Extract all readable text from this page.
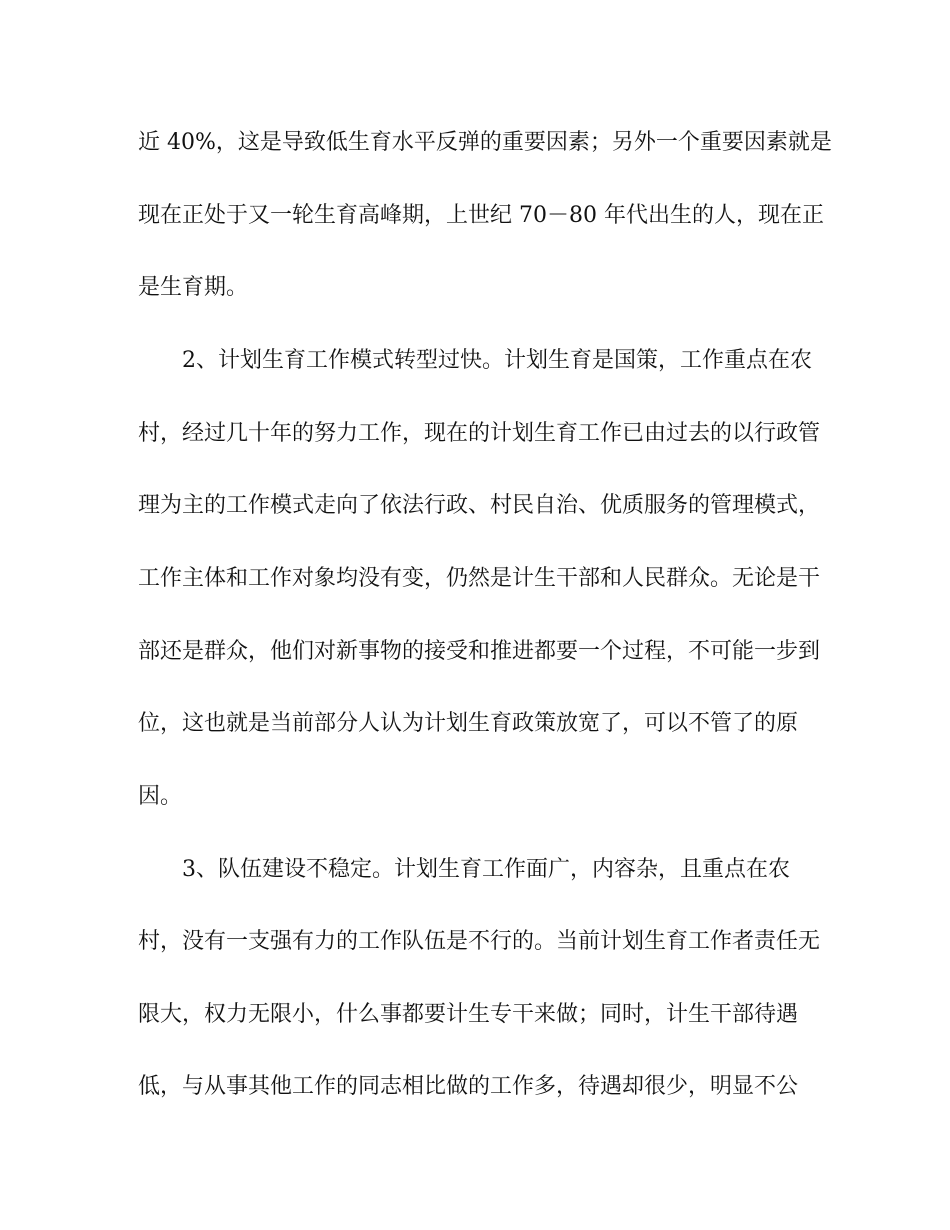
近 40%，这是导致低生育水平反弹的重要因素；另外一个重要因素就是
现在正处于又一轮生育高峰期，上世纪 70－80 年代出生的人，现在正
是生育期。
2、计划生育工作模式转型过快。计划生育是国策，工作重点在农
村，经过几十年的努力工作，现在的计划生育工作已由过去的以行政管
理为主的工作模式走向了依法行政、村民自治、优质服务的管理模式，
工作主体和工作对象均没有变，仍然是计生干部和人民群众。无论是干
部还是群众，他们对新事物的接受和推进都要一个过程，不可能一步到
位，这也就是当前部分人认为计划生育政策放宽了，可以不管了的原
因。
3、队伍建设不稳定。计划生育工作面广，内容杂，且重点在农
村，没有一支强有力的工作队伍是不行的。当前计划生育工作者责任无
限大，权力无限小，什么事都要计生专干来做；同时，计生干部待遇
低，与从事其他工作的同志相比做的工作多，待遇却很少，明显不公
